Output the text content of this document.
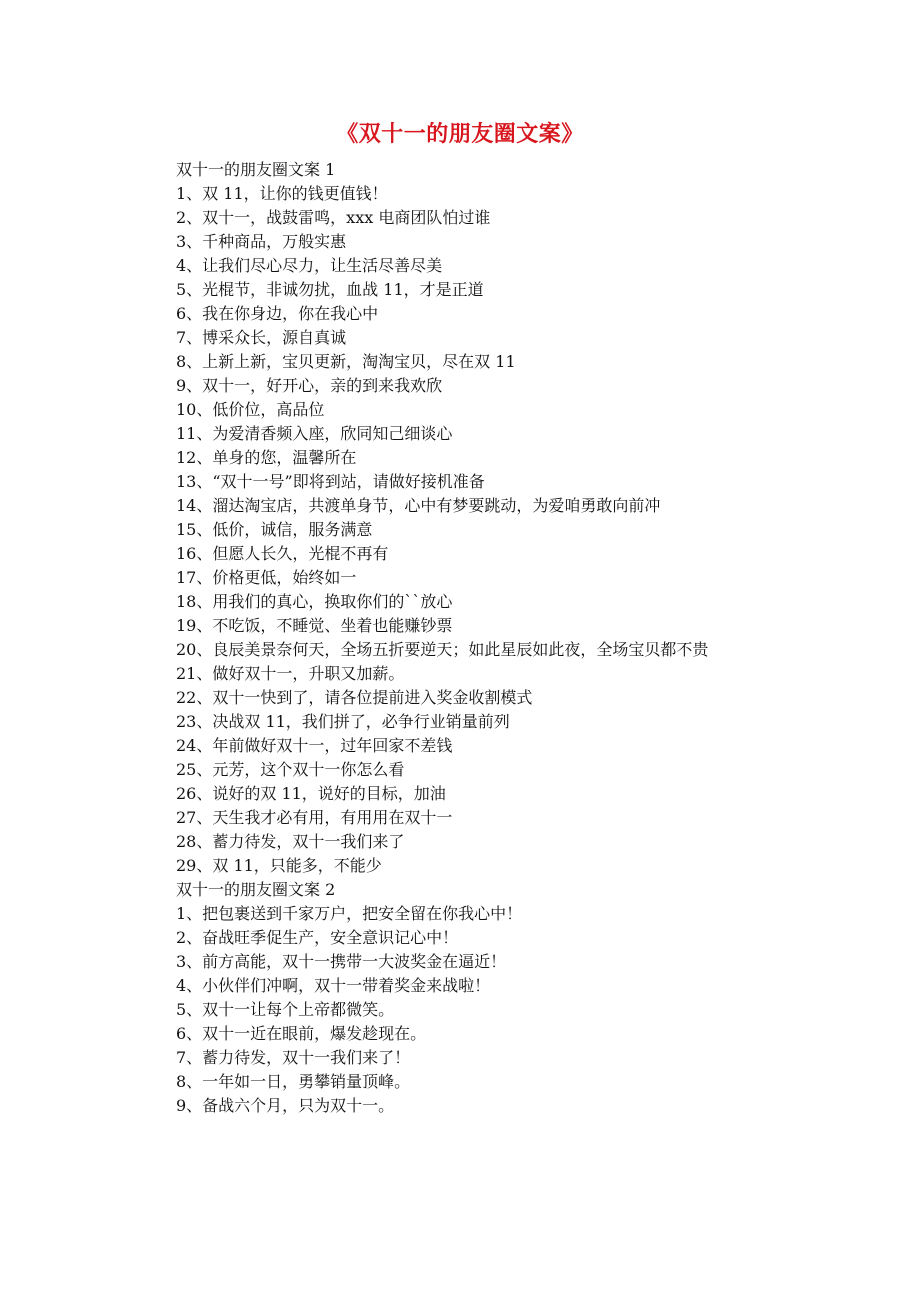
《双十一的朋友圈文案》
双十一的朋友圈文案 1
1、双 11，让你的钱更值钱！
2、双十一，战鼓雷鸣，xxx 电商团队怕过谁
3、千种商品，万般实惠
4、让我们尽心尽力，让生活尽善尽美
5、光棍节，非诚勿扰，血战 11，才是正道
6、我在你身边，你在我心中
7、博采众长，源自真诚
8、上新上新，宝贝更新，淘淘宝贝，尽在双 11
9、双十一，好开心，亲的到来我欢欣
10、低价位，高品位
11、为爱清香频入座，欣同知己细谈心
12、单身的您，温馨所在
13、“双十一号”即将到站，请做好接机准备
14、溜达淘宝店，共渡单身节，心中有梦要跳动，为爱咱勇敢向前冲
15、低价，诚信，服务满意
16、但愿人长久，光棍不再有
17、价格更低，始终如一
18、用我们的真心，换取你们的``放心
19、不吃饭，不睡觉、坐着也能赚钞票
20、良辰美景奈何天，全场五折要逆天；如此星辰如此夜，全场宝贝都不贵
21、做好双十一，升职又加薪。
22、双十一快到了，请各位提前进入奖金收割模式
23、决战双 11，我们拼了，必争行业销量前列
24、年前做好双十一，过年回家不差钱
25、元芳，这个双十一你怎么看
26、说好的双 11，说好的目标，加油
27、天生我才必有用，有用用在双十一
28、蓄力待发，双十一我们来了
29、双 11，只能多，不能少
双十一的朋友圈文案 2
1、把包裹送到千家万户，把安全留在你我心中！
2、奋战旺季促生产，安全意识记心中！
3、前方高能，双十一携带一大波奖金在逼近！
4、小伙伴们冲啊，双十一带着奖金来战啦！
5、双十一让每个上帝都微笑。
6、双十一近在眼前，爆发趁现在。
7、蓄力待发，双十一我们来了！
8、一年如一日，勇攀销量顶峰。
9、备战六个月，只为双十一。
